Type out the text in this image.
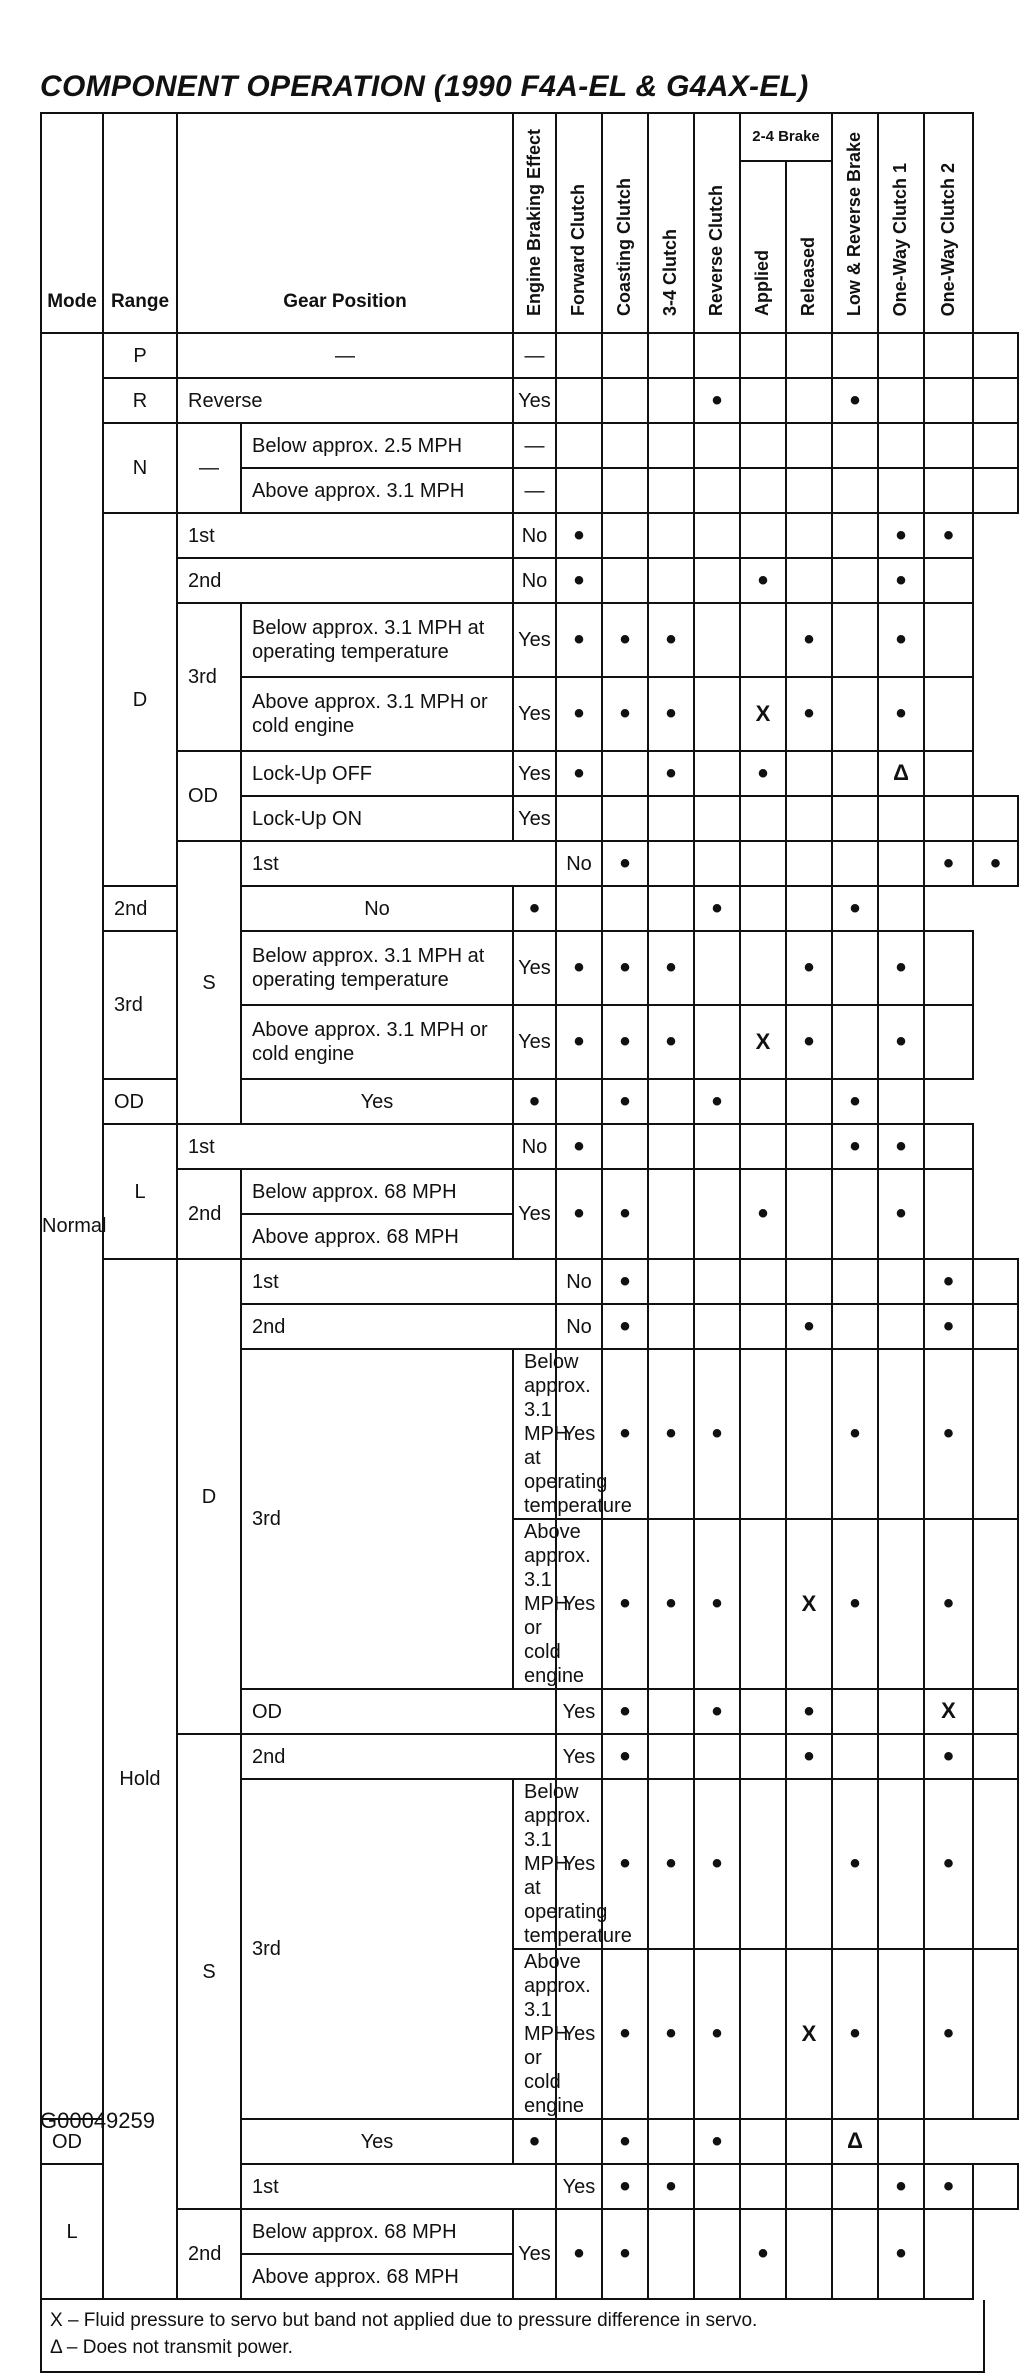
COMPONENT OPERATION (1990 F4A-EL & G4AX-EL)
Mode	Range	Gear Position		Engine Braking Effect	Forward Clutch	Coasting Clutch	3-4 Clutch	Reverse Clutch	2-4 Brake		Low & Reverse Brake	One-Way Clutch 1	One-Way Clutch 2	
									Applied	Released				
Normal	P	—		—										
	R	Reverse		Yes				•			•			
	N	—	Below approx. 2.5 MPH	—										
			Above approx. 3.1 MPH	—										
	D	1st		No	•							•	•	
		2nd		No	•				•			•		
		3rd	Below approx. 3.1 MPH at operating temperature	Yes	•	•	•			•		•		
			Above approx. 3.1 MPH or cold engine	Yes	•	•	•		X	•		•		
		OD	Lock-Up OFF	Yes	•		•		•			Δ		
			Lock-Up ON	Yes										
		S	1st		No	•							•	•
	2nd		No	•				•			•			
	3rd		Below approx. 3.1 MPH at operating temperature	Yes	•	•	•			•		•		
			Above approx. 3.1 MPH or cold engine	Yes	•	•	•		X	•		•		
	OD		Yes	•		•		•			•			
	L	1st		No	•						•	•		
		2nd	Below approx. 68 MPH	Yes	•	•			•			•		
			Above approx. 68 MPH											
	Hold	D	1st		No	•							•	
			2nd		No	•				•			•	
			3rd	Below approx. 3.1 MPH at operating temperature	Yes	•	•	•			•		•	
				Above approx. 3.1 MPH or cold engine	Yes	•	•	•		X	•		•	
			OD		Yes	•		•		•			X	
		S	2nd		Yes	•				•			•	
			3rd	Below approx. 3.1 MPH at operating temperature	Yes	•	•	•			•		•	
				Above approx. 3.1 MPH or cold engine	Yes	•	•	•		X	•		•	
OD			Yes	•		•		•			Δ			
L			1st		Yes	•	•					•	•	
		2nd	Below approx. 68 MPH	Yes	•	•			•			•		
			Above approx. 68 MPH											
X – Fluid pressure to servo but band not applied due to pressure difference in servo.
Δ – Does not transmit power.
G00049259
